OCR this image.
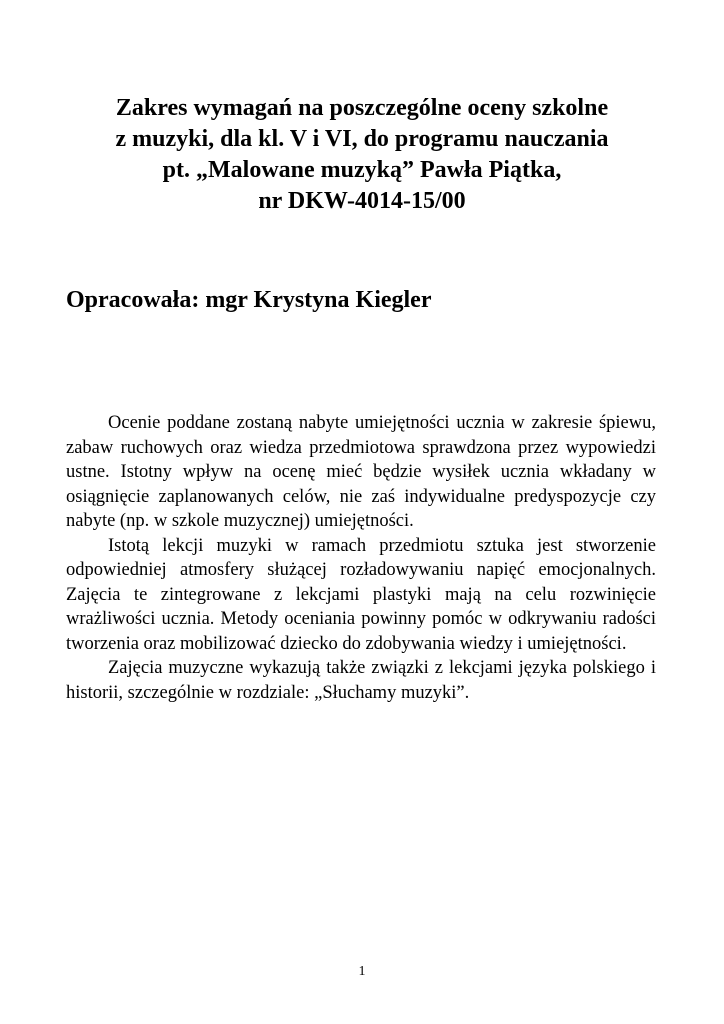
Zakres wymagań na poszczególne oceny szkolne
z muzyki, dla kl. V i VI, do programu nauczania
pt. „Malowane muzyką” Pawła Piątka,
nr DKW-4014-15/00
Opracowała: mgr Krystyna Kiegler

Ocenie poddane zostaną nabyte umiejętności ucznia w zakresie śpiewu, zabaw ruchowych oraz wiedza przedmiotowa sprawdzona przez wypowiedzi ustne. Istotny wpływ na ocenę mieć będzie wysiłek ucznia wkładany w osiągnięcie zaplanowanych celów, nie zaś indywidualne predyspozycje czy nabyte (np. w szkole muzycznej) umiejętności.

Istotą lekcji muzyki w ramach przedmiotu sztuka jest stworzenie odpowiedniej atmosfery służącej rozładowywaniu napięć emocjonalnych. Zajęcia te zintegrowane z lekcjami plastyki mają na celu rozwinięcie wrażliwości ucznia. Metody oceniania powinny pomóc w odkrywaniu radości tworzenia oraz mobilizować dziecko do zdobywania wiedzy i umiejętności.

Zajęcia muzyczne wykazują także związki z lekcjami języka polskiego i historii, szczególnie w rozdziale: „Słuchamy muzyki”.

1
